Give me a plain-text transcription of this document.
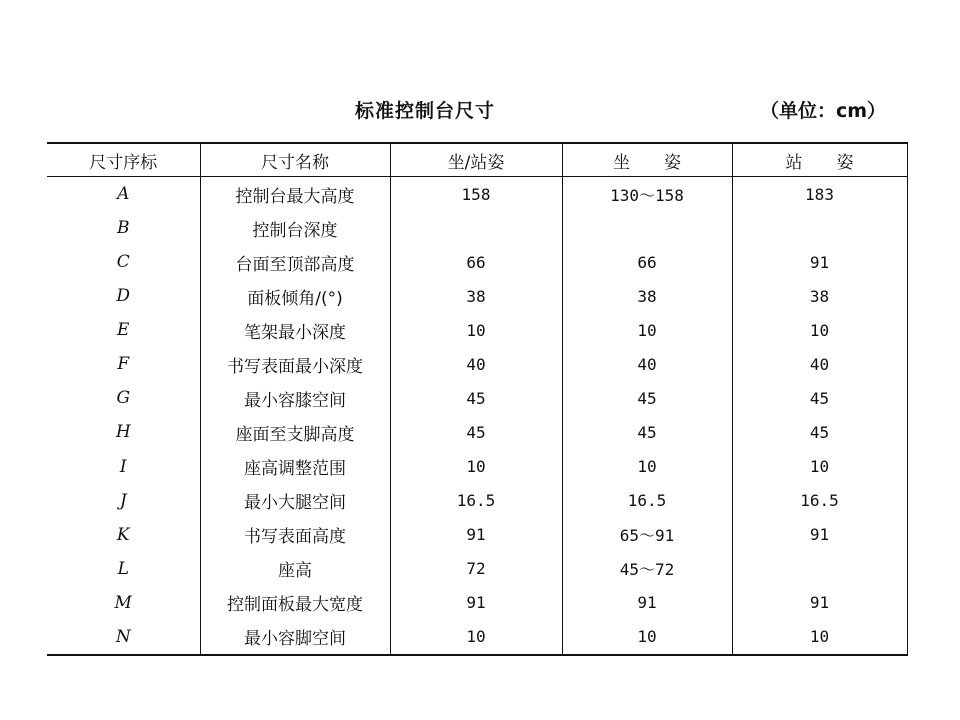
标准控制台尺寸	（单位：cm）
尺寸序标	尺寸名称	坐/站姿	坐　　姿	站　　姿
A	控制台最大高度	158	130～158	183
B	控制台深度			
C	台面至顶部高度	66	66	91
D	面板倾角/(°)	38	38	38
E	笔架最小深度	10	10	10
F	书写表面最小深度	40	40	40
G	最小容膝空间	45	45	45
H	座面至支脚高度	45	45	45
I	座高调整范围	10	10	10
J	最小大腿空间	16.5	16.5	16.5
K	书写表面高度	91	65～91	91
L	座高	72	45～72	
M	控制面板最大宽度	91	91	91
N	最小容脚空间	10	10	10
